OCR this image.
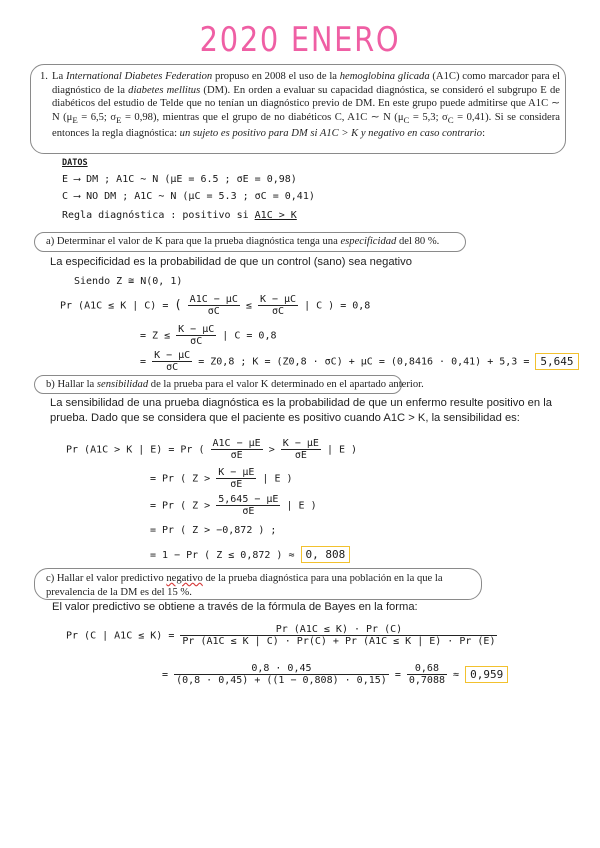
2020 ENERO
1. La International Diabetes Federation propuso en 2008 el uso de la hemoglobina glicada (A1C) como marcador para el diagnóstico de la diabetes mellitus (DM). En orden a evaluar su capacidad diagnóstica, se consideró el subgrupo E de diabéticos del estudio de Telde que no tenían un diagnóstico previo de DM. En este grupo puede admitirse que A1C ∼ N ($\mu_E = 6,5$; $\sigma_E = 0,98$), mientras que el grupo de no diabéticos C, A1C ∼ N ($\mu_C = 5,3$; $\sigma_C = 0,41$). Si se considera entonces la regla diagnóstica: un sujeto es positivo para DM si A1C > K y negativo en caso contrario:
DATOS
E ⟶ DM ; A1C ∼ N (μE = 6.5 ; σE = 0,98)
C ⟶ NO DM ; A1C ∼ N (μC = 5.3 ; σC = 0,41)
Regla diagnóstica : positivo si A1C > K
a) Determinar el valor de K para que la prueba diagnóstica tenga una especificidad del 80 %.
La especificidad es la probabilidad de que un control (sano) sea negativo
Siendo Z ≅ N(0, 1)
Pr (A1C ≤ K | C) = ( $\frac{A1C - \mu C}{\sigma C} \le \frac{K - \mu C}{\sigma C}$ | C ) = 0,8
= $Z \le \frac{K - \mu C}{\sigma C}$ | C = 0,8
= $\frac{K - \mu C}{\sigma C} = Z0,8$ ; K = (Z0,8 · σC) + μC = (0,8416 · 0,41) + 5,3 = 5,645
b) Hallar la sensibilidad de la prueba para el valor K determinado en el apartado anterior.
La sensibilidad de una prueba diagnóstica es la probabilidad de que un enfermo resulte positivo en la prueba. Dado que se considera que el paciente es positivo cuando A1C > K, la sensibilidad es:
Pr (A1C > K | E) = Pr ( $\frac{A1C - \mu E}{\sigma E} > \frac{K - \mu E}{\sigma E}$ | E )
= Pr ( $Z > \frac{K - \mu E}{\sigma E}$ | E )
= Pr ( $Z > \frac{5,645 - \mu E}{\sigma E}$ | E )
= Pr ( Z > −0,872 ) ;
= 1 − Pr ( Z ≤ 0,872 ) ≈ 0, 808
c) Hallar el valor predictivo negativo de la prueba diagnóstica para una población en la que la prevalencia de la DM es del 15 %.
El valor predictivo se obtiene a través de la fórmula de Bayes en la forma:
Pr (C | $A1C \le K) = \frac{Pr (A1C \le K) \cdot Pr (C)}{Pr (A1C \le K | C) \cdot Pr(C) + Pr (A1C \le K | E) \cdot Pr (E)}$
= $\frac{0,8 \cdot 0,45}{(0,8 \cdot 0,45) + ((1 - 0,808) \cdot 0,15)} = \frac{0,68}{0,7088} \approx 0,959$
